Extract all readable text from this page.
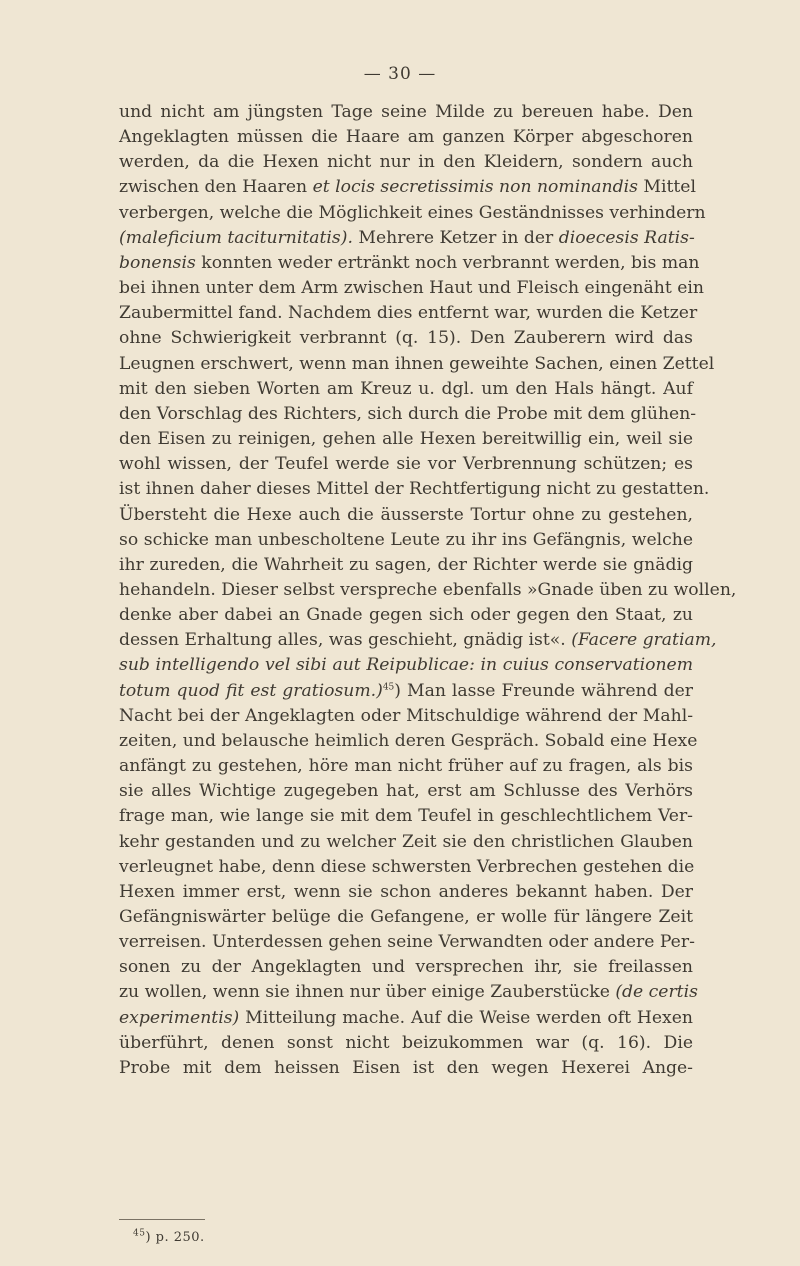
— 30 —
und nicht am jüngsten Tage seine Milde zu bereuen habe. Den
Angeklagten müssen die Haare am ganzen Körper abgeschoren
werden, da die Hexen nicht nur in den Kleidern, sondern auch
zwischen den Haaren et locis secretissimis non nominandis Mittel
verbergen, welche die Möglichkeit eines Geständnisses verhindern
(maleficium taciturnitatis). Mehrere Ketzer in der dioecesis Ratis-
bonensis konnten weder ertränkt noch verbrannt werden, bis man
bei ihnen unter dem Arm zwischen Haut und Fleisch eingenäht ein
Zaubermittel fand. Nachdem dies entfernt war, wurden die Ketzer
ohne Schwierigkeit verbrannt (q. 15). Den Zauberern wird das
Leugnen erschwert, wenn man ihnen geweihte Sachen, einen Zettel
mit den sieben Worten am Kreuz u. dgl. um den Hals hängt. Auf
den Vorschlag des Richters, sich durch die Probe mit dem glühen-
den Eisen zu reinigen, gehen alle Hexen bereitwillig ein, weil sie
wohl wissen, der Teufel werde sie vor Verbrennung schützen; es
ist ihnen daher dieses Mittel der Rechtfertigung nicht zu gestatten.
Übersteht die Hexe auch die äusserste Tortur ohne zu gestehen,
so schicke man unbescholtene Leute zu ihr ins Gefängnis, welche
ihr zureden, die Wahrheit zu sagen, der Richter werde sie gnädig
hehandeln. Dieser selbst verspreche ebenfalls »Gnade üben zu wollen,
denke aber dabei an Gnade gegen sich oder gegen den Staat, zu
dessen Erhaltung alles, was geschieht, gnädig ist«. (Facere gratiam,
sub intelligendo vel sibi aut Reipublicae: in cuius conservationem
totum quod fit est gratiosum.)$^{45}$) Man lasse Freunde während der
Nacht bei der Angeklagten oder Mitschuldige während der Mahl-
zeiten, und belausche heimlich deren Gespräch. Sobald eine Hexe
anfängt zu gestehen, höre man nicht früher auf zu fragen, als bis
sie alles Wichtige zugegeben hat, erst am Schlusse des Verhörs
frage man, wie lange sie mit dem Teufel in geschlechtlichem Ver-
kehr gestanden und zu welcher Zeit sie den christlichen Glauben
verleugnet habe, denn diese schwersten Verbrechen gestehen die
Hexen immer erst, wenn sie schon anderes bekannt haben. Der
Gefängniswärter belüge die Gefangene, er wolle für längere Zeit
verreisen. Unterdessen gehen seine Verwandten oder andere Per-
sonen zu der Angeklagten und versprechen ihr, sie freilassen
zu wollen, wenn sie ihnen nur über einige Zauberstücke (de certis
experimentis) Mitteilung mache. Auf die Weise werden oft Hexen
überführt, denen sonst nicht beizukommen war (q. 16). Die
Probe mit dem heissen Eisen ist den wegen Hexerei Ange-
$^{45}$) p. 250.
